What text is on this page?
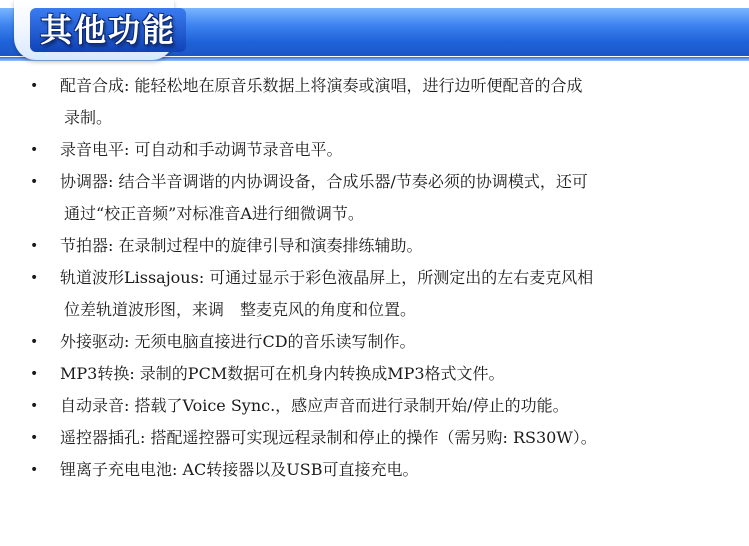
其他功能
• 配音合成: 能轻松地在原音乐数据上将演奏或演唱，进行边听便配音的合成
录制。
• 录音电平: 可自动和手动调节录音电平。
• 协调器: 结合半音调谐的内协调设备，合成乐器/节奏必须的协调模式，还可
通过“校正音频”对标准音A进行细微调节。
• 节拍器: 在录制过程中的旋律引导和演奏排练辅助。
• 轨道波形Lissajous: 可通过显示于彩色液晶屏上，所测定出的左右麦克风相
位差轨道波形图，来调　整麦克风的角度和位置。
• 外接驱动: 无须电脑直接进行CD的音乐读写制作。
• MP3转换: 录制的PCM数据可在机身内转换成MP3格式文件。
• 自动录音: 搭载了Voice Sync.，感应声音而进行录制开始/停止的功能。
• 遥控器插孔: 搭配遥控器可实现远程录制和停止的操作（需另购: RS30W）。
• 锂离子充电电池: AC转接器以及USB可直接充电。
